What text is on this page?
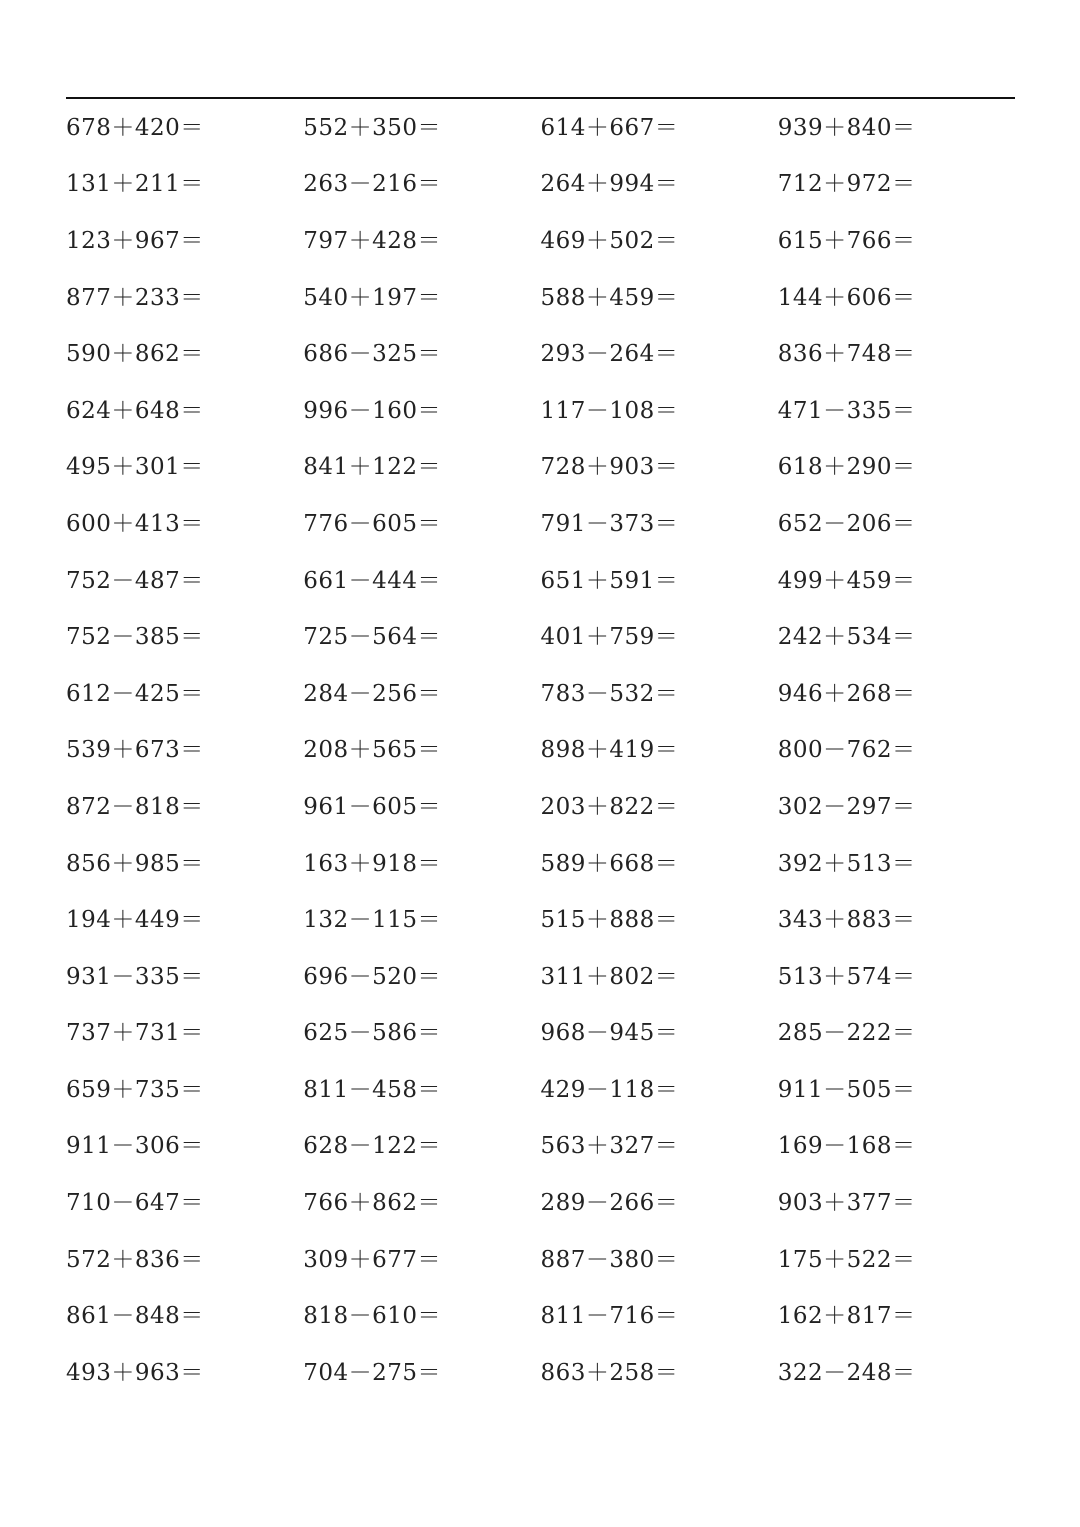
678＋420＝	552＋350＝	614＋667＝	939＋840＝
131＋211＝	263－216＝	264＋994＝	712＋972＝
123＋967＝	797＋428＝	469＋502＝	615＋766＝
877＋233＝	540＋197＝	588＋459＝	144＋606＝
590＋862＝	686－325＝	293－264＝	836＋748＝
624＋648＝	996－160＝	117－108＝	471－335＝
495＋301＝	841＋122＝	728＋903＝	618＋290＝
600＋413＝	776－605＝	791－373＝	652－206＝
752－487＝	661－444＝	651＋591＝	499＋459＝
752－385＝	725－564＝	401＋759＝	242＋534＝
612－425＝	284－256＝	783－532＝	946＋268＝
539＋673＝	208＋565＝	898＋419＝	800－762＝
872－818＝	961－605＝	203＋822＝	302－297＝
856＋985＝	163＋918＝	589＋668＝	392＋513＝
194＋449＝	132－115＝	515＋888＝	343＋883＝
931－335＝	696－520＝	311＋802＝	513＋574＝
737＋731＝	625－586＝	968－945＝	285－222＝
659＋735＝	811－458＝	429－118＝	911－505＝
911－306＝	628－122＝	563＋327＝	169－168＝
710－647＝	766＋862＝	289－266＝	903＋377＝
572＋836＝	309＋677＝	887－380＝	175＋522＝
861－848＝	818－610＝	811－716＝	162＋817＝
493＋963＝	704－275＝	863＋258＝	322－248＝
